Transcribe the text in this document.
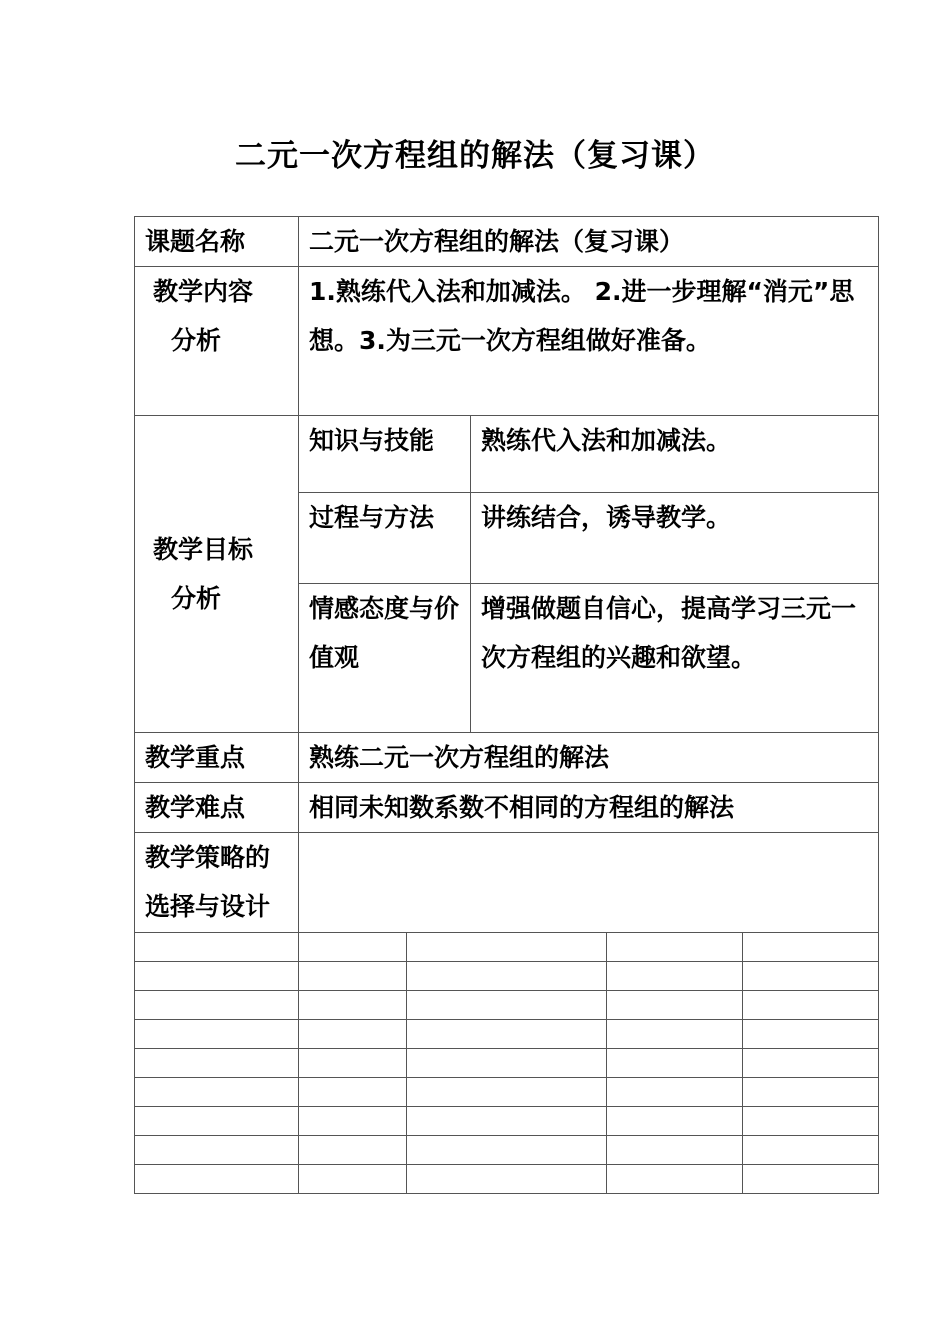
二元一次方程组的解法（复习课）
课题名称	二元一次方程组的解法（复习课）				

教学内容
分析	1.熟练代入法和加减法。 2.进一步理解“消元”思想。3.为三元一次方程组做好准备。				

教学目标
分析	知识与技能		熟练代入法和加减法。		
	过程与方法		讲练结合，诱导教学。		
	情感态度与价值观		增强做题自信心，提高学习三元一次方程组的兴趣和欲望。		
教学重点	熟练二元一次方程组的解法				
教学难点	相同未知数系数不相同的方程组的解法				
教学策略的选择与设计					
